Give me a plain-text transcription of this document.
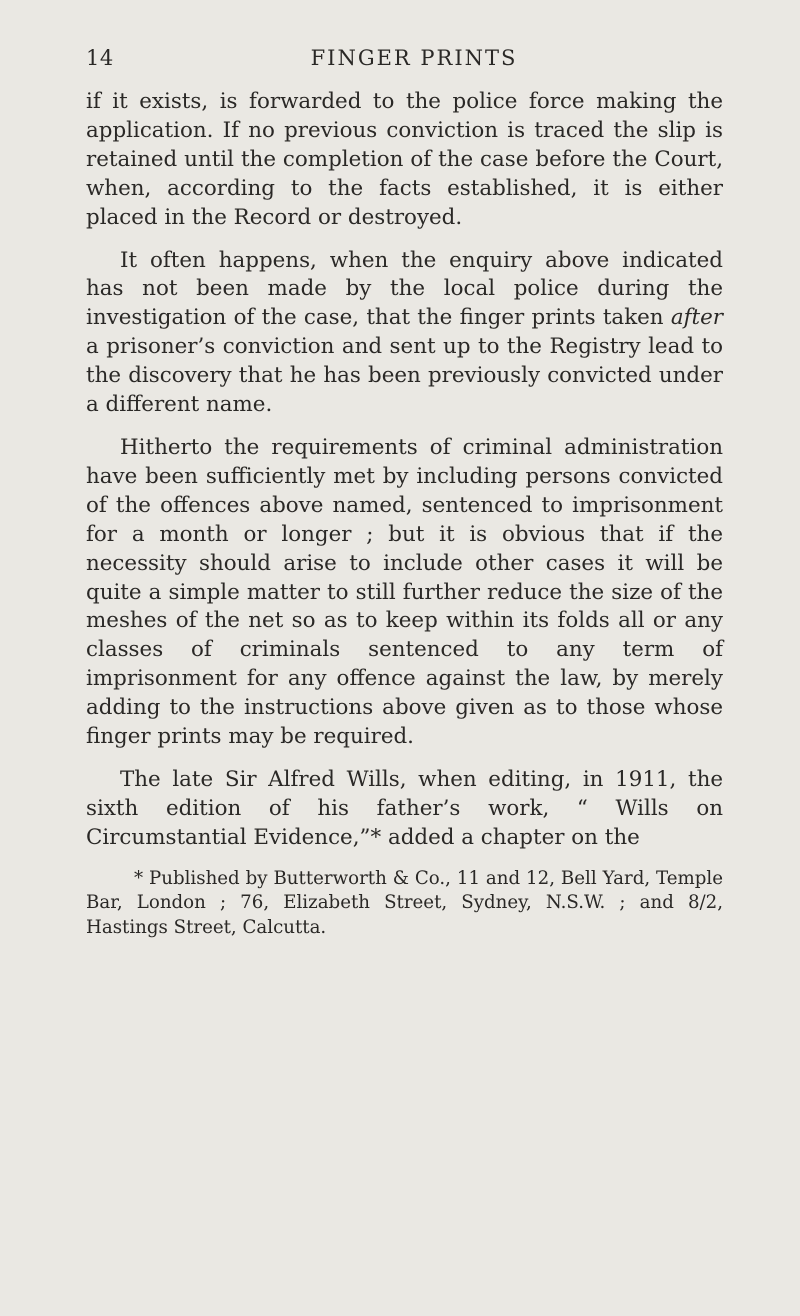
14	FINGER PRINTS

if it exists, is forwarded to the police force making the application. If no previous conviction is traced the slip is retained until the completion of the case before the Court, when, according to the facts established, it is either placed in the Record or destroyed.

It often happens, when the enquiry above indicated has not been made by the local police during the investigation of the case, that the finger prints taken after a prisoner’s conviction and sent up to the Registry lead to the discovery that he has been previously convicted under a different name.

Hitherto the requirements of criminal administration have been sufficiently met by including persons convicted of the offences above named, sentenced to imprisonment for a month or longer ; but it is obvious that if the necessity should arise to include other cases it will be quite a simple matter to still further reduce the size of the meshes of the net so as to keep within its folds all or any classes of criminals sentenced to any term of imprisonment for any offence against the law, by merely adding to the instructions above given as to those whose finger prints may be required.

The late Sir Alfred Wills, when editing, in 1911, the sixth edition of his father’s work, “ Wills on Circumstantial Evidence,”* added a chapter on the

* Published by Butterworth & Co., 11 and 12, Bell Yard, Temple Bar, London ; 76, Elizabeth Street, Sydney, N.S.W. ; and 8/2, Hastings Street, Calcutta.
